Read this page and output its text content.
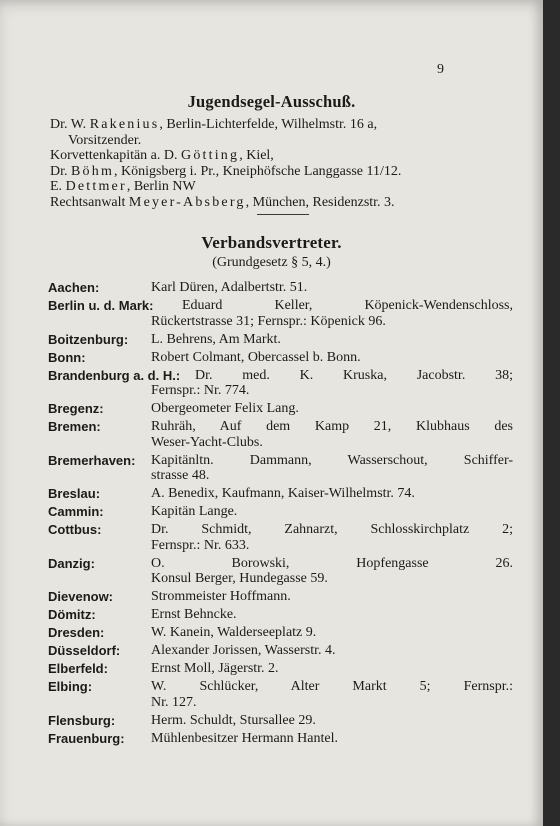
9
Jugendsegel-Ausschuß.
Dr. W. Rakenius, Berlin-Lichterfelde, Wilhelmstr. 16 a,
Vorsitzender.
Korvettenkapitän a. D. Götting, Kiel,
Dr. Böhm, Königsberg i. Pr., Kneiphöfsche Langgasse 11/12.
E. Dettmer, Berlin NW
Rechtsanwalt Meyer-Absberg, München, Residenzstr. 3.
Verbandsvertreter.
(Grundgesetz § 5, 4.)
Aachen:	Karl Düren, Adalbertstr. 51.
Berlin u. d. Mark: Eduard Keller, Köpenick-Wendenschloss,
Rückertstrasse 31; Fernspr.: Köpenick 96.
Boitzenburg: L. Behrens, Am Markt.
Bonn:	Robert Colmant, Obercassel b. Bonn.
Brandenburg a. d. H.: Dr. med. K. Kruska, Jacobstr. 38;
Fernspr.: Nr. 774.
Bregenz:	Obergeometer Felix Lang.
Bremen:	Ruhräh, Auf dem Kamp 21, Klubhaus des
Weser-Yacht-Clubs.
Bremerhaven: Kapitänltn. Dammann, Wasserschout, Schiffer-
strasse 48.
Breslau:	A. Benedix, Kaufmann, Kaiser-Wilhelmstr. 74.
Cammin:	Kapitän Lange.
Cottbus:	Dr. Schmidt, Zahnarzt, Schlosskirchplatz 2;
Fernspr.: Nr. 633.
Danzig:	O. Borowski, Hopfengasse 26.
Konsul Berger, Hundegasse 59.
Dievenow:	Strommeister Hoffmann.
Dömitz:	Ernst Behncke.
Dresden:	W. Kanein, Walderseeplatz 9.
Düsseldorf: Alexander Jorissen, Wasserstr. 4.
Elberfeld:	Ernst Moll, Jägerstr. 2.
Elbing:	W. Schlücker, Alter Markt 5; Fernspr.:
Nr. 127.
Flensburg:	Herm. Schuldt, Stursallee 29.
Frauenburg: Mühlenbesitzer Hermann Hantel.
